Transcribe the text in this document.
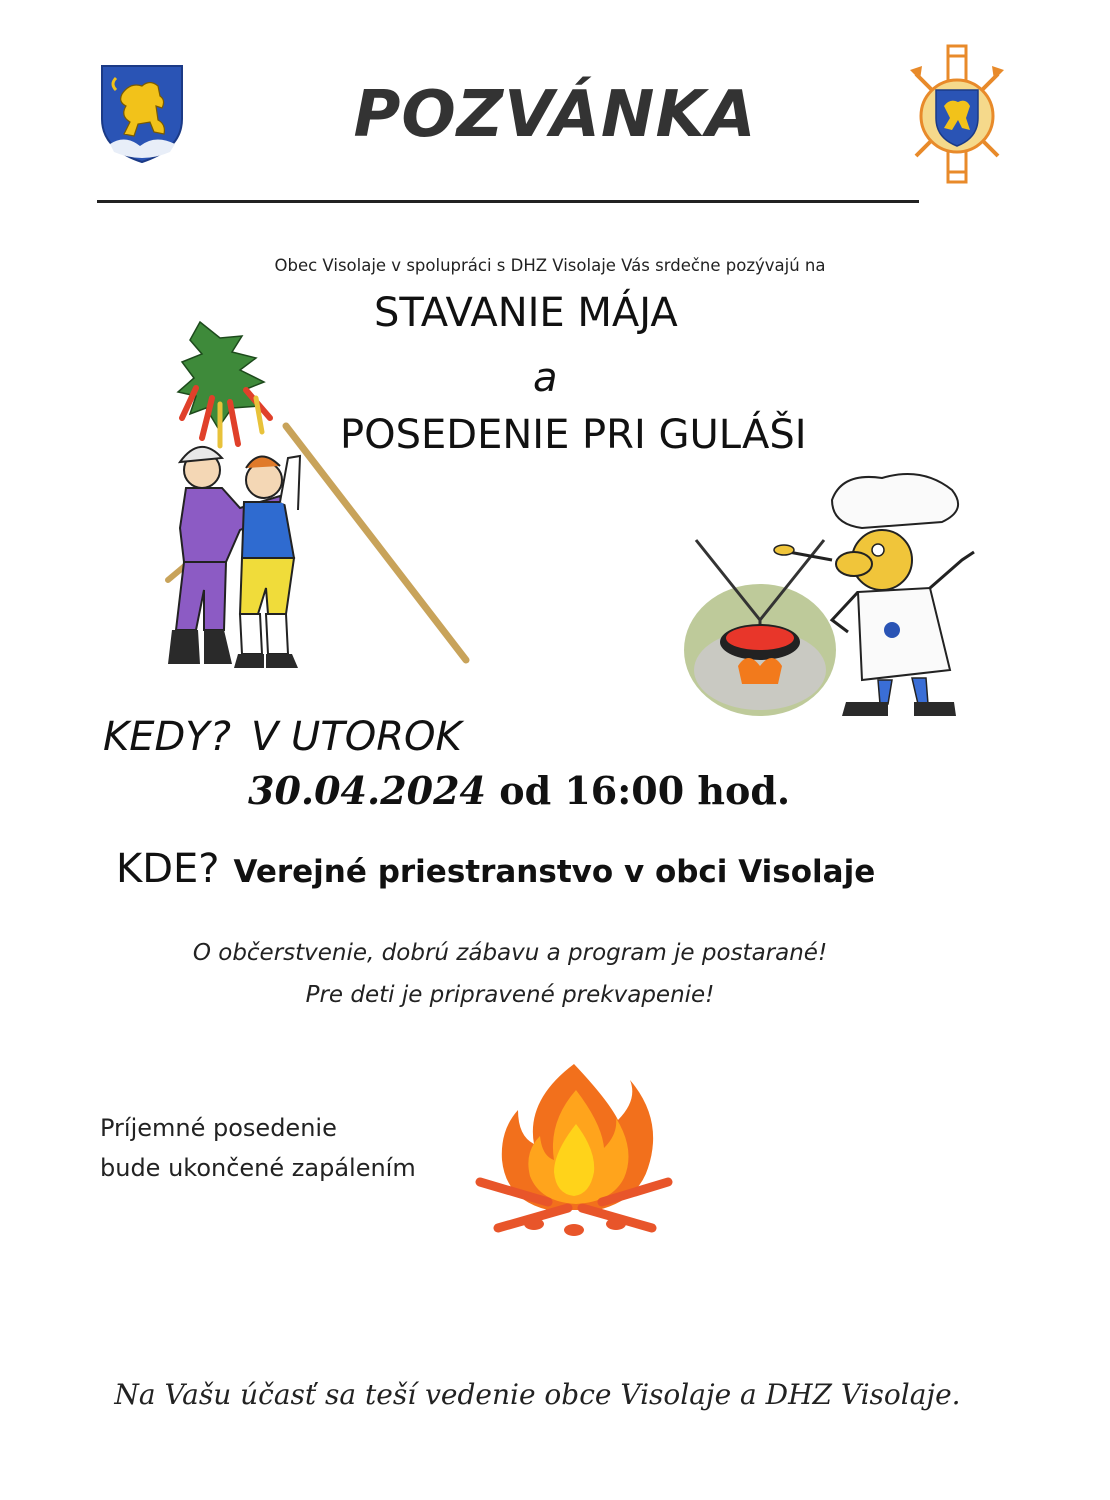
POZVÁNKA
Obec Visolaje v spolupráci s DHZ Visolaje Vás srdečne pozývajú na
STAVANIE MÁJA
a
POSEDENIE PRI GULÁŠI
KEDY? V UTOROK
30.04.2024 od 16:00 hod.
KDE? Verejné priestranstvo v obci Visolaje
O občerstvenie, dobrú zábavu a program je postarané!
Pre deti je pripravené prekvapenie!
Príjemné posedenie
bude ukončené zapálením
Na Vašu účasť sa teší vedenie obce Visolaje a DHZ Visolaje.
